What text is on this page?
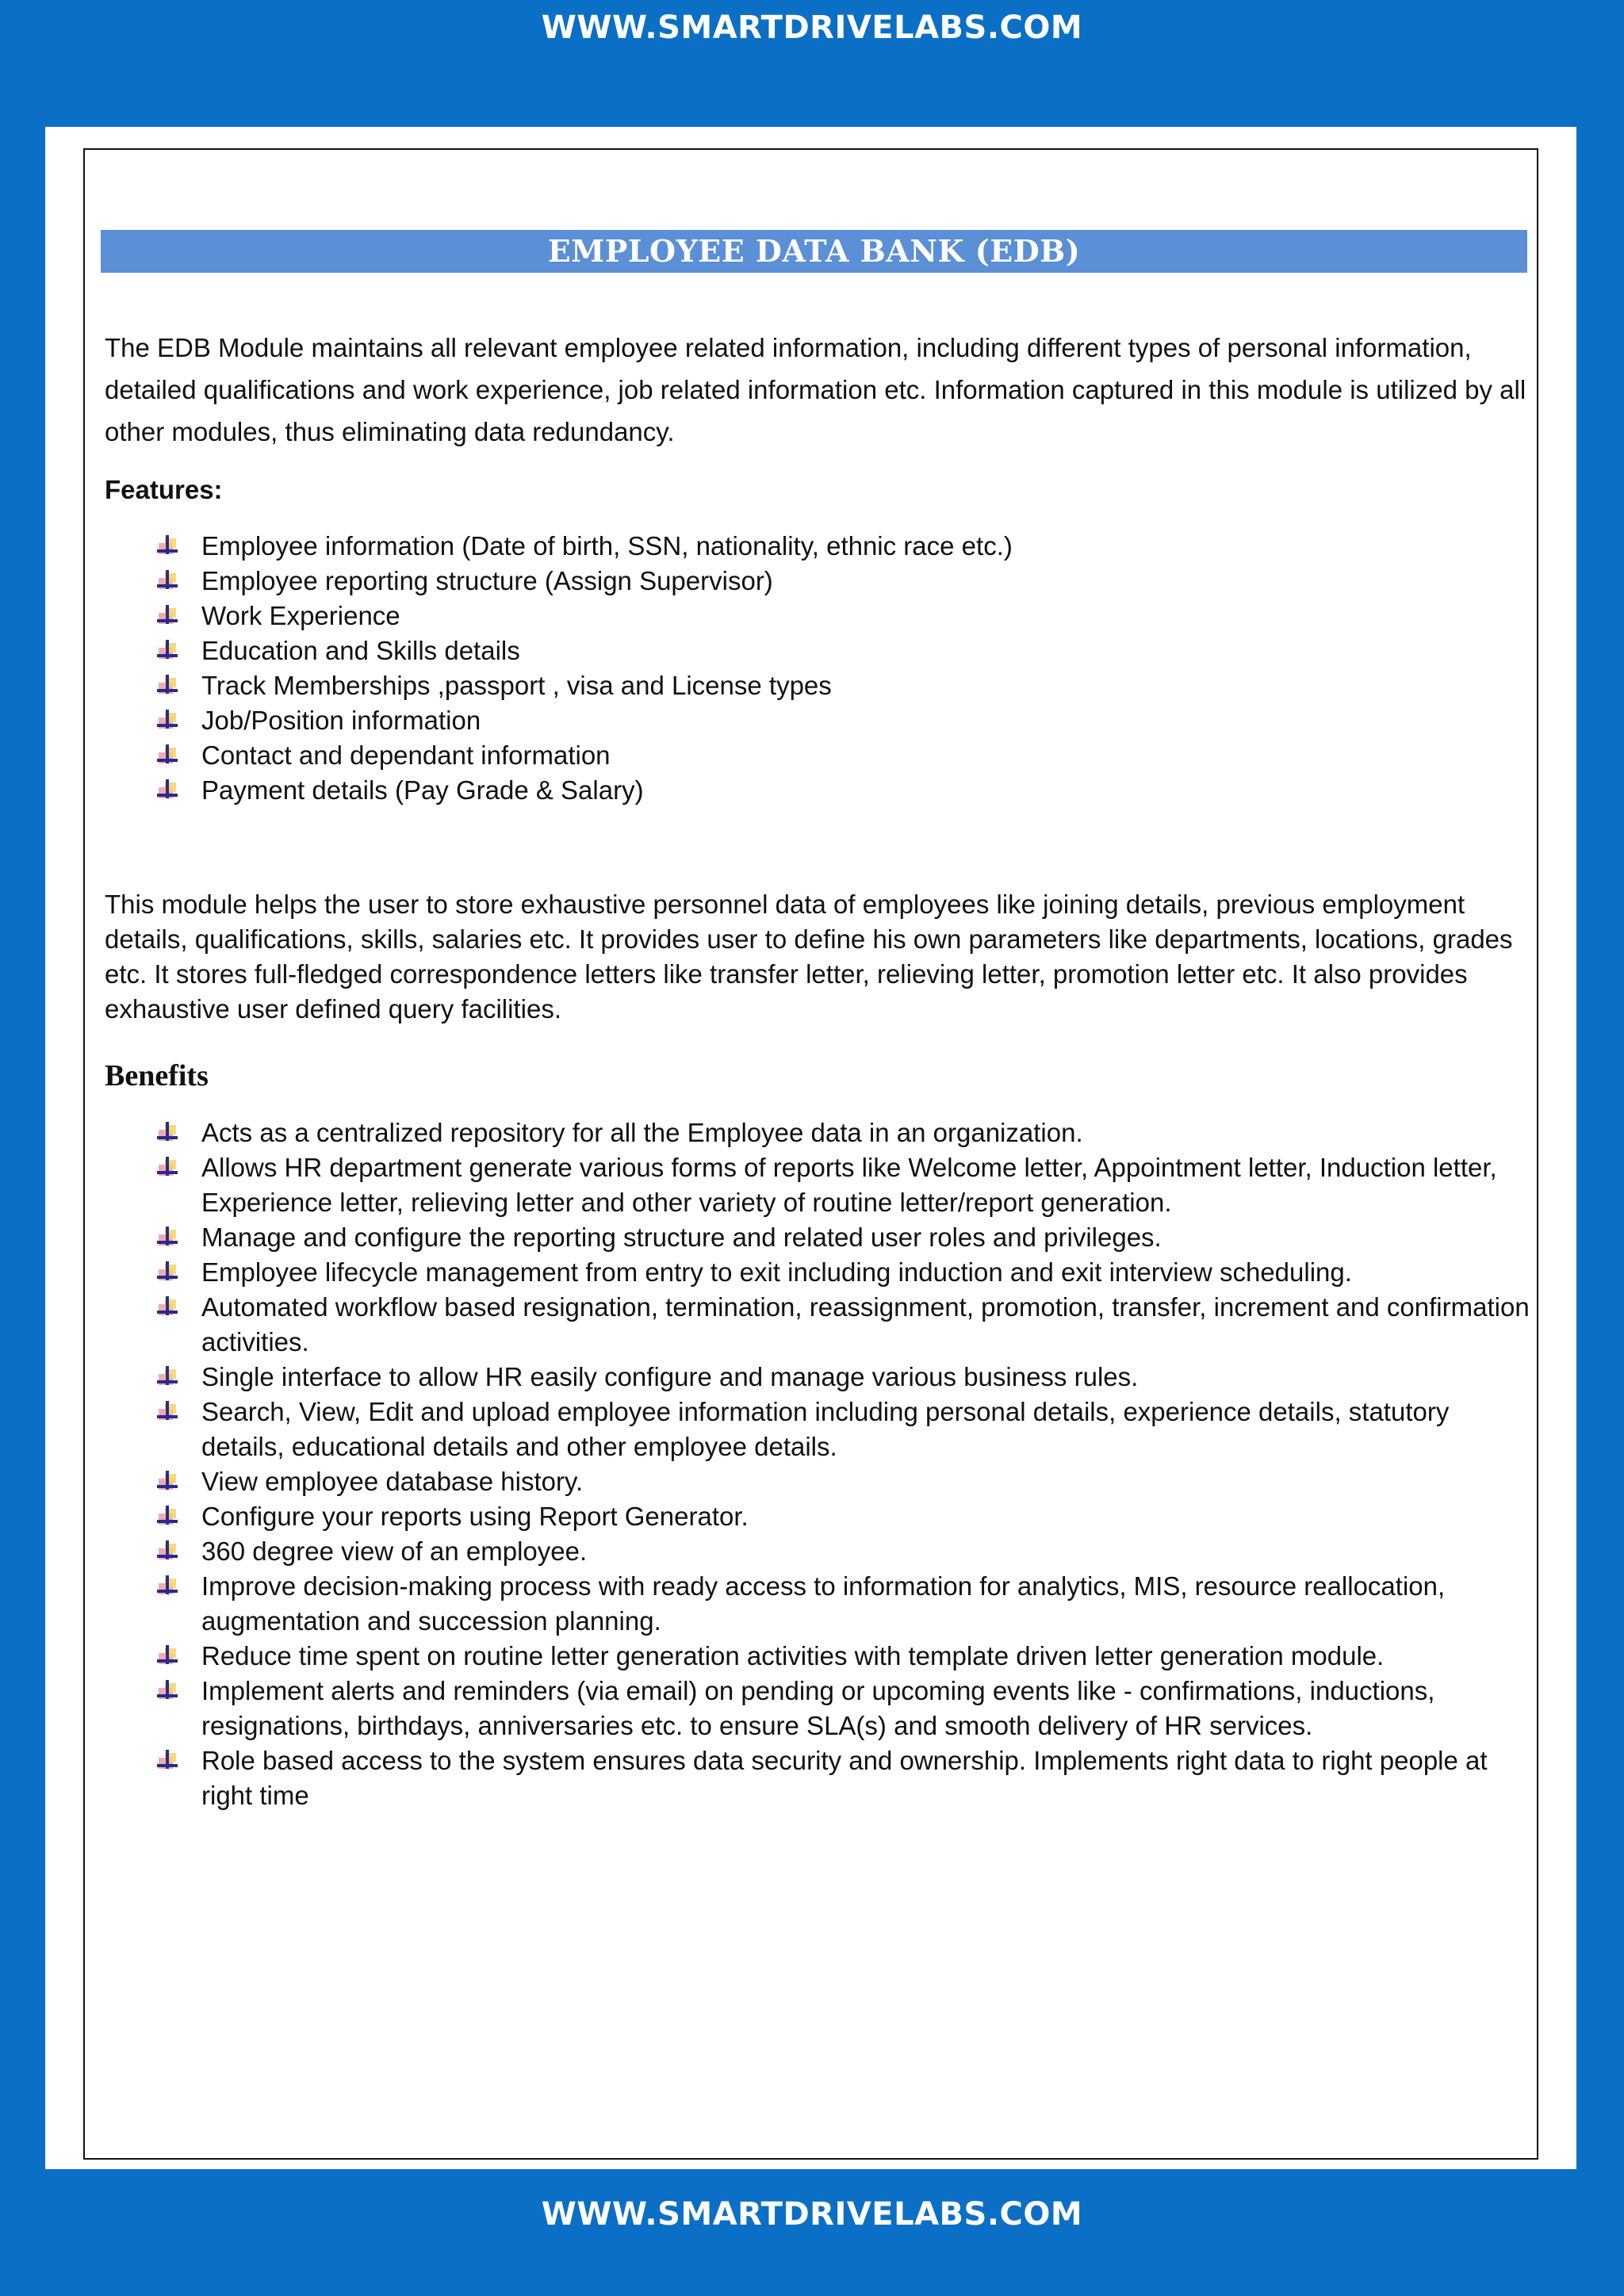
WWW.SMARTDRIVELABS.COM
EMPLOYEE DATA BANK (EDB)

The EDB Module maintains all relevant employee related information, including different types of personal information, detailed qualifications and work experience, job related information etc. Information captured in this module is utilized by all other modules, thus eliminating data redundancy.

Features:
Employee information (Date of birth, SSN, nationality, ethnic race etc.)
Employee reporting structure (Assign Supervisor)
Work Experience
Education and Skills details
Track Memberships ,passport , visa and License types
Job/Position information
Contact and dependant information
Payment details (Pay Grade & Salary)

This module helps the user to store exhaustive personnel data of employees like joining details, previous employment details, qualifications, skills, salaries etc. It provides user to define his own parameters like departments, locations, grades etc. It stores full-fledged correspondence letters like transfer letter, relieving letter, promotion letter etc. It also provides exhaustive user defined query facilities.

Benefits
Acts as a centralized repository for all the Employee data in an organization.
Allows HR department generate various forms of reports like Welcome letter, Appointment letter, Induction letter, Experience letter, relieving letter and other variety of routine letter/report generation.
Manage and configure the reporting structure and related user roles and privileges.
Employee lifecycle management from entry to exit including induction and exit interview scheduling.
Automated workflow based resignation, termination, reassignment, promotion, transfer, increment and confirmation activities.
Single interface to allow HR easily configure and manage various business rules.
Search, View, Edit and upload employee information including personal details, experience details, statutory details, educational details and other employee details.
View employee database history.
Configure your reports using Report Generator.
360 degree view of an employee.
Improve decision-making process with ready access to information for analytics, MIS, resource reallocation, augmentation and succession planning.
Reduce time spent on routine letter generation activities with template driven letter generation module.
Implement alerts and reminders (via email) on pending or upcoming events like - confirmations, inductions, resignations, birthdays, anniversaries etc. to ensure SLA(s) and smooth delivery of HR services.
Role based access to the system ensures data security and ownership. Implements right data to right people at right time
WWW.SMARTDRIVELABS.COM
